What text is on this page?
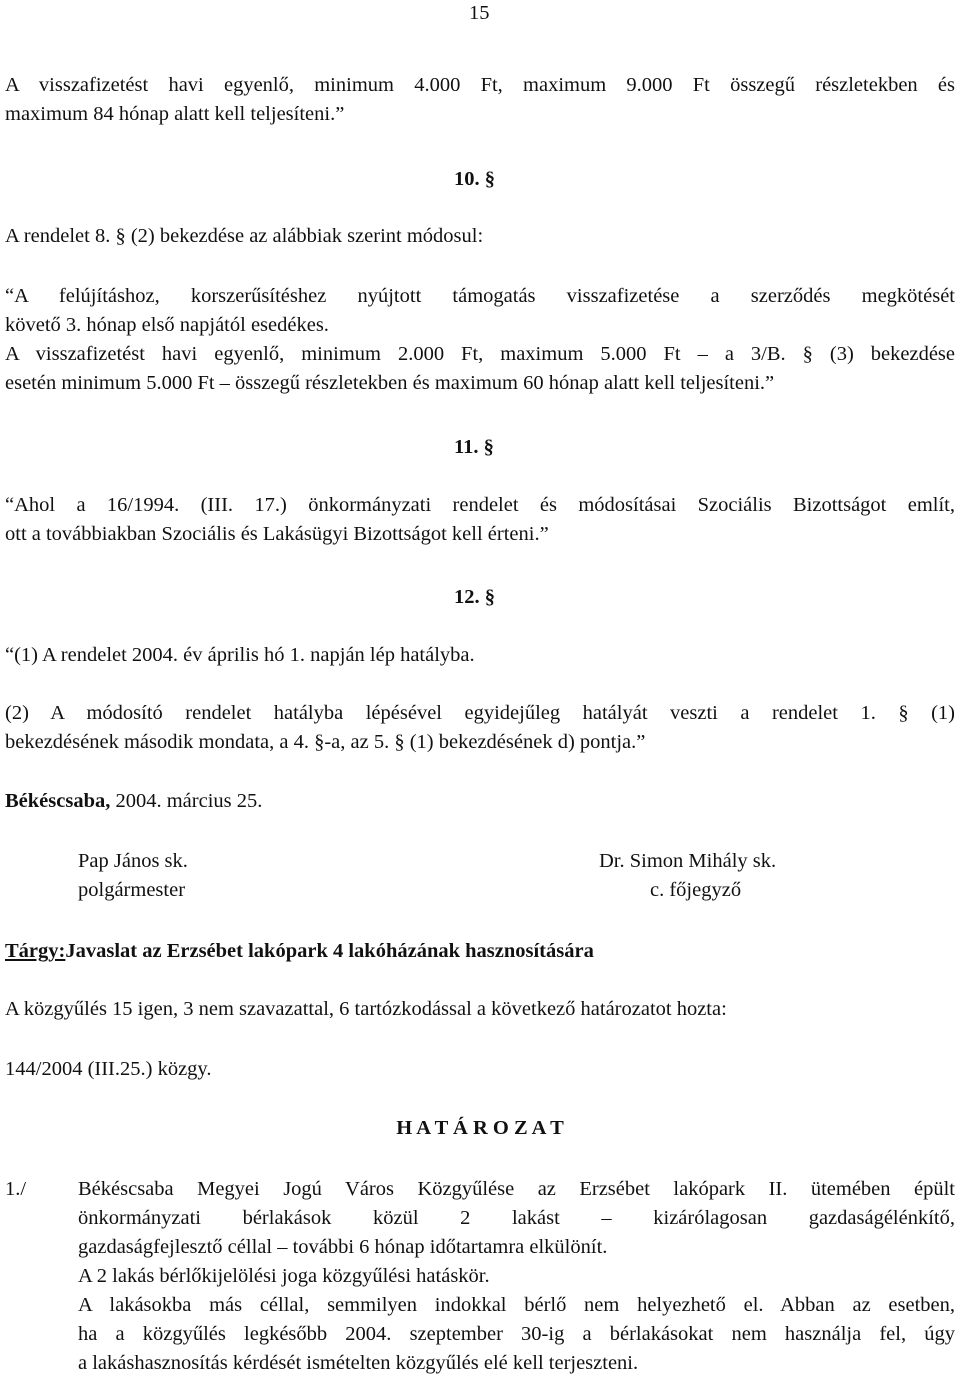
15
A visszafizetést havi egyenlő, minimum 4.000 Ft, maximum 9.000 Ft összegű részletekben és
maximum 84 hónap alatt kell teljesíteni.”
10. §
A rendelet 8. § (2) bekezdése az alábbiak szerint módosul:
“A felújításhoz, korszerűsítéshez nyújtott támogatás visszafizetése a szerződés megkötését
követő 3. hónap első napjától esedékes.
A visszafizetést havi egyenlő, minimum 2.000 Ft, maximum 5.000 Ft – a 3/B. § (3) bekezdése
esetén minimum 5.000 Ft – összegű részletekben és maximum 60 hónap alatt kell teljesíteni.”
11. §
“Ahol a 16/1994. (III. 17.) önkormányzati rendelet és módosításai Szociális Bizottságot említ,
ott a továbbiakban Szociális és Lakásügyi Bizottságot kell érteni.”
12. §
“(1) A rendelet 2004. év április hó 1. napján lép hatályba.
(2) A módosító rendelet hatályba lépésével egyidejűleg hatályát veszti a rendelet 1. § (1)
bekezdésének második mondata, a 4. §-a, az 5. § (1) bekezdésének d) pontja.”
Békéscsaba, 2004. március 25.
Pap János sk.
polgármester
Dr. Simon Mihály sk.
c. főjegyző
Tárgy:Javaslat az Erzsébet lakópark 4 lakóházának hasznosítására
A közgyűlés 15 igen, 3 nem szavazattal, 6 tartózkodással a következő határozatot hozta:
144/2004 (III.25.) közgy.
H A T Á R O Z A T
1./	Békéscsaba Megyei Jogú Város Közgyűlése az Erzsébet lakópark II. ütemében épült
önkormányzati bérlakások közül 2 lakást – kizárólagosan gazdaságélénkítő,
gazdaságfejlesztő céllal – további 6 hónap időtartamra elkülönít.
A 2 lakás bérlőkijelölési joga közgyűlési hatáskör.
A lakásokba más céllal, semmilyen indokkal bérlő nem helyezhető el. Abban az esetben,
ha a közgyűlés legkésőbb 2004. szeptember 30-ig a bérlakásokat nem használja fel, úgy
a lakáshasznosítás kérdését ismételten közgyűlés elé kell terjeszteni.
